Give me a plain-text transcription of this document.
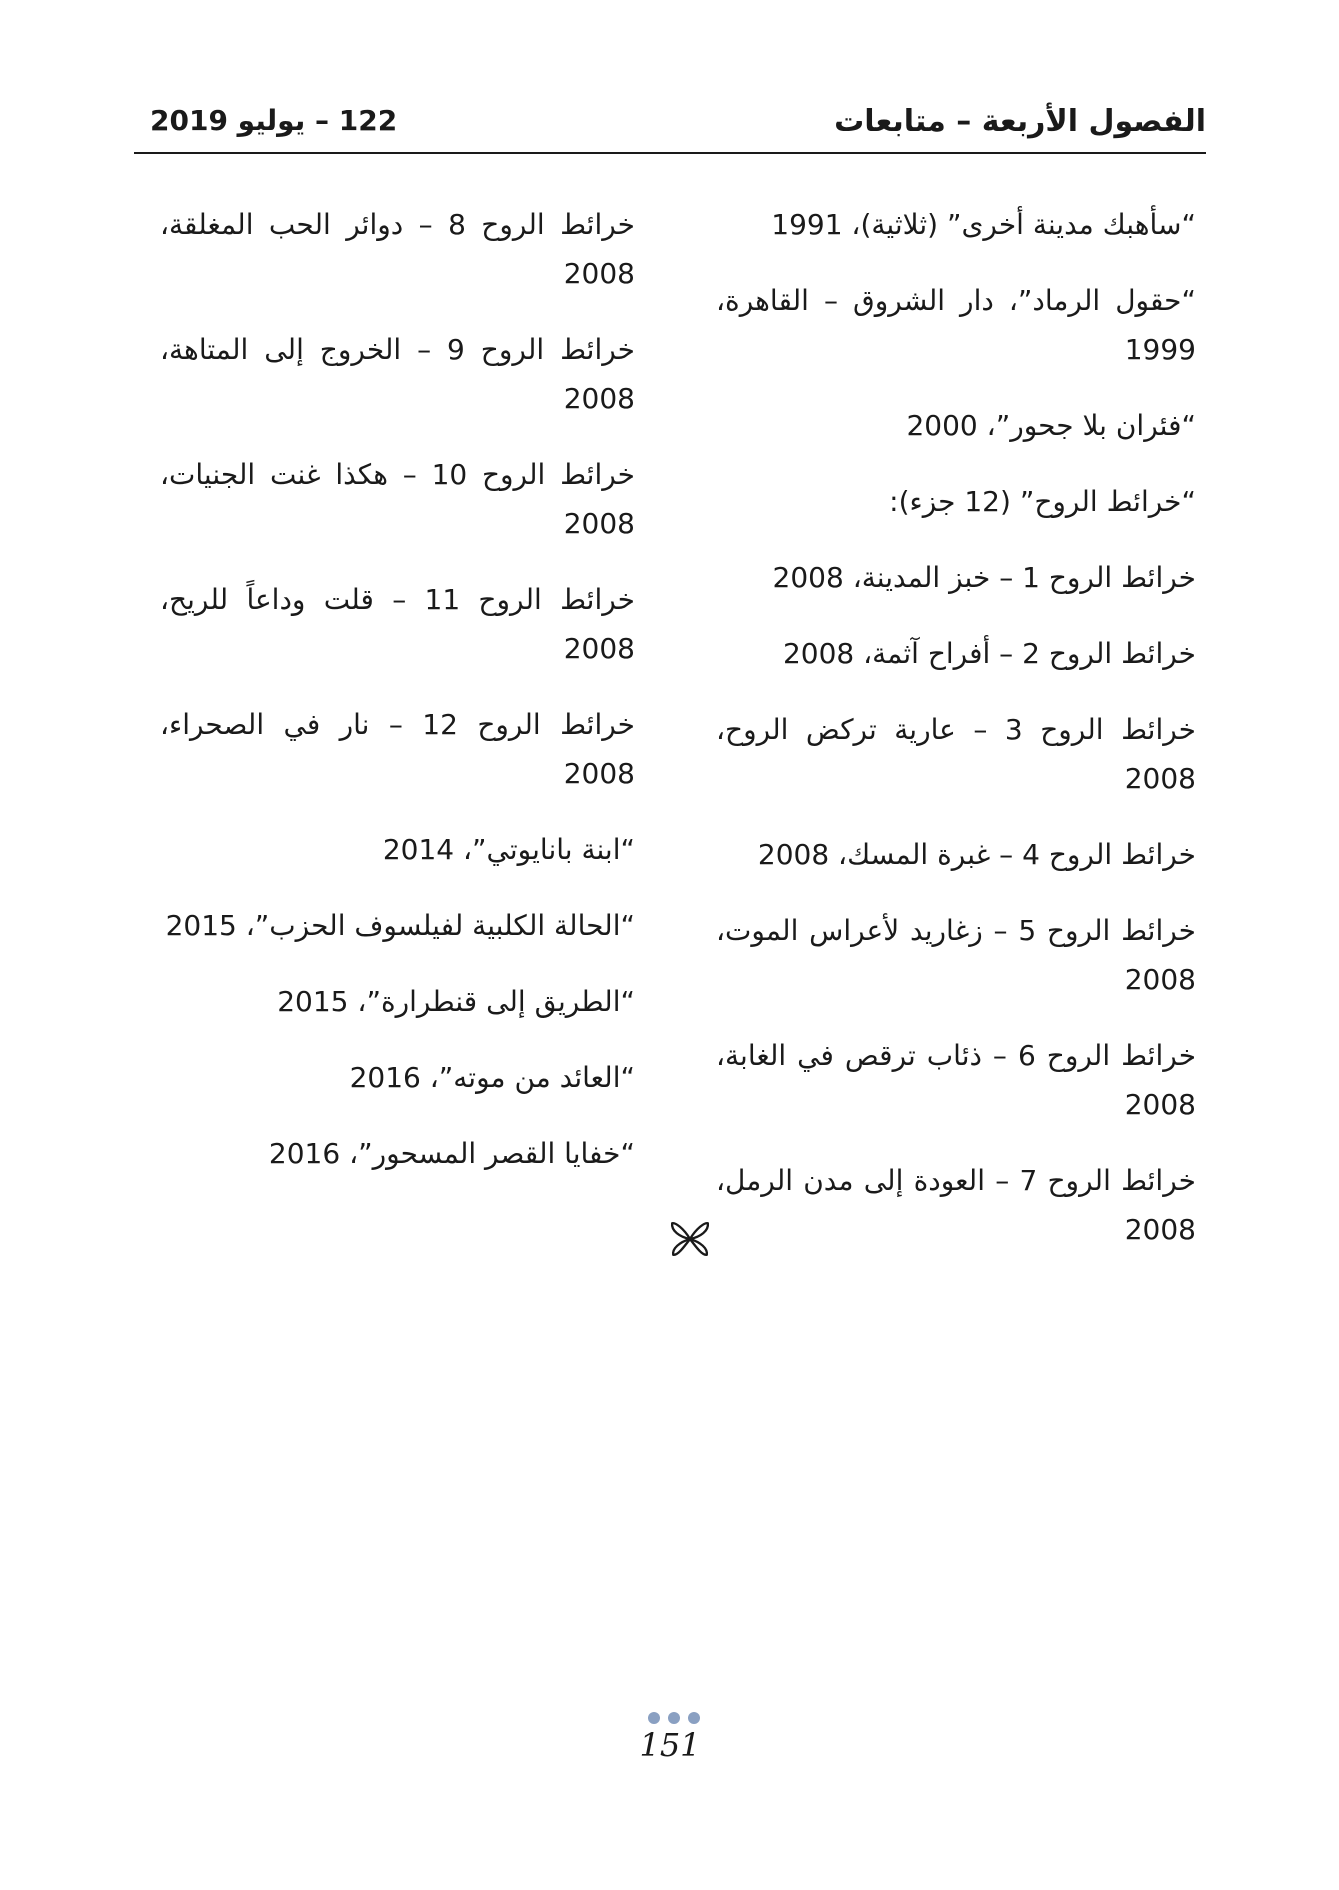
الفصول الأربعة – متابعات
122 – يوليو 2019

“سأهبك مدينة أخرى” (ثلاثية)، 1991

“حقول الرماد”، دار الشروق – القاهرة، 1999

“فئران بلا جحور”، 2000

“خرائط الروح” (12 جزء):

خرائط الروح 1 – خبز المدينة، 2008

خرائط الروح 2 – أفراح آثمة، 2008

خرائط الروح 3 – عارية تركض الروح، 2008

خرائط الروح 4 – غبرة المسك، 2008

خرائط الروح 5 – زغاريد لأعراس الموت، 2008

خرائط الروح 6 – ذئاب ترقص في الغابة، 2008

خرائط الروح 7 – العودة إلى مدن الرمل، 2008

خرائط الروح 8 – دوائر الحب المغلقة، 2008

خرائط الروح 9 – الخروج إلى المتاهة، 2008

خرائط الروح 10 – هكذا غنت الجنيات، 2008

خرائط الروح 11 – قلت وداعاً للريح، 2008

خرائط الروح 12 – نار في الصحراء، 2008

“ابنة بانايوتي”، 2014

“الحالة الكلبية لفيلسوف الحزب”، 2015

“الطريق إلى قنطرارة”، 2015

“العائد من موته”، 2016

“خفايا القصر المسحور”، 2016

151
